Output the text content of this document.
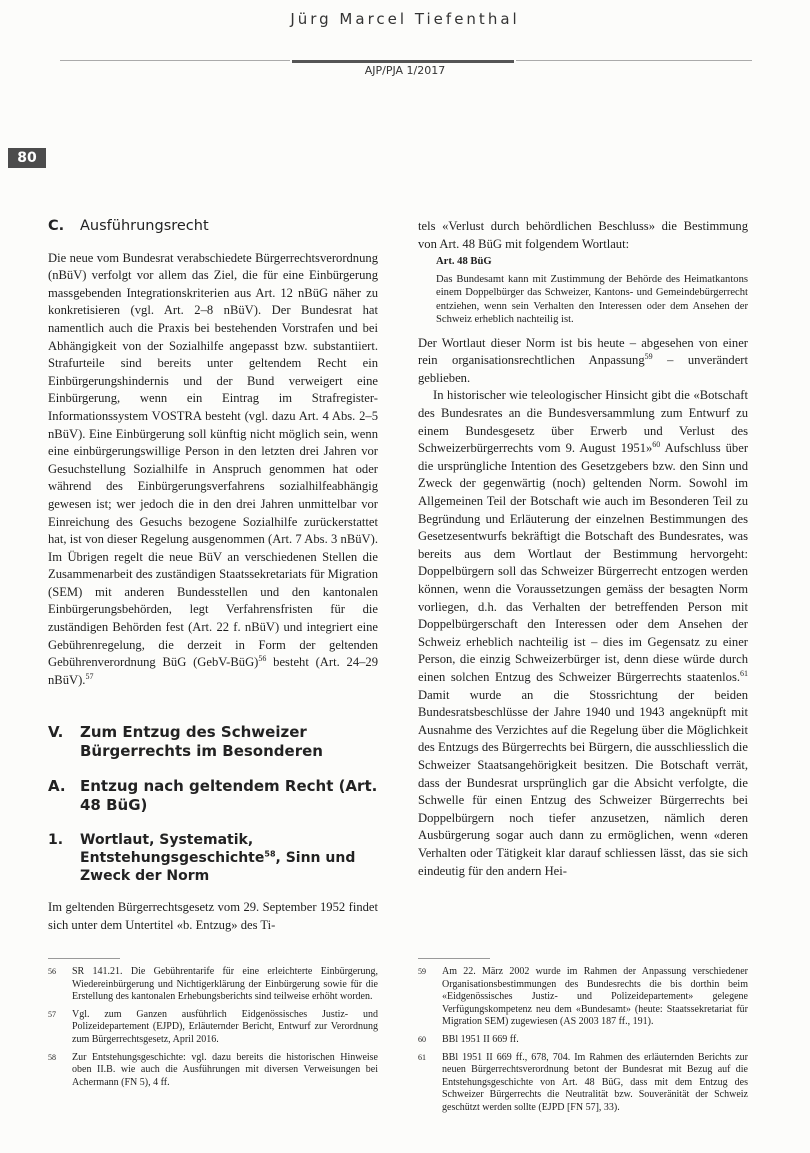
Jürg Marcel Tiefenthal
AJP/PJA 1/2017
80
C.	Ausführungsrecht

Die neue vom Bundesrat verabschiedete Bürgerrechtsverordnung (nBüV) verfolgt vor allem das Ziel, die für eine Einbürgerung massgebenden Integrationskriterien aus Art. 12 nBüG näher zu konkretisieren (vgl. Art. 2–8 nBüV). Der Bundesrat hat namentlich auch die Praxis bei bestehenden Vorstrafen und bei Abhängigkeit von der Sozialhilfe angepasst bzw. substantiiert. Strafurteile sind bereits unter geltendem Recht ein Einbürgerungshindernis und der Bund verweigert eine Einbürgerung, wenn ein Eintrag im Strafregister-Informationssystem VOSTRA besteht (vgl. dazu Art. 4 Abs. 2–5 nBüV). Eine Einbürgerung soll künftig nicht möglich sein, wenn eine einbürgerungswillige Person in den letzten drei Jahren vor Gesuchstellung Sozialhilfe in Anspruch genommen hat oder während des Einbürgerungsverfahrens sozialhilfeabhängig gewesen ist; wer jedoch die in den drei Jahren unmittelbar vor Einreichung des Gesuchs bezogene Sozialhilfe zurückerstattet hat, ist von dieser Regelung ausgenommen (Art. 7 Abs. 3 nBüV). Im Übrigen regelt die neue BüV an verschiedenen Stellen die Zusammenarbeit des zuständigen Staatssekretariats für Migration (SEM) mit anderen Bundesstellen und den kantonalen Einbürgerungsbehörden, legt Verfahrensfristen für die zuständigen Behörden fest (Art. 22 f. nBüV) und integriert eine Gebührenregelung, die derzeit in Form der geltenden Gebührenverordnung BüG (GebV-BüG)$^{56}$ besteht (Art. 24–29 nBüV).$^{57}$

V.	Zum Entzug des Schweizer Bürgerrechts im Besonderen
A. Entzug nach geltendem Recht (Art. 48 BüG)
1.	Wortlaut, Systematik, Entstehungsgeschichte$^{58}$, Sinn und Zweck der Norm

Im geltenden Bürgerrechtsgesetz vom 29. September 1952 findet sich unter dem Untertitel «b. Entzug» des Ti-

tels «Verlust durch behördlichen Beschluss» die Bestimmung von Art. 48 BüG mit folgendem Wortlaut:

Art. 48 BüG

Das Bundesamt kann mit Zustimmung der Behörde des Heimatkantons einem Doppelbürger das Schweizer, Kantons- und Gemeindebürgerrecht entziehen, wenn sein Verhalten den Interessen oder dem Ansehen der Schweiz erheblich nachteilig ist.

Der Wortlaut dieser Norm ist bis heute – abgesehen von einer rein organisationsrechtlichen Anpassung$^{59}$ – unverändert geblieben.

In historischer wie teleologischer Hinsicht gibt die «Botschaft des Bundesrates an die Bundesversammlung zum Entwurf zu einem Bundesgesetz über Erwerb und Verlust des Schweizerbürgerrechts vom 9. August 1951»$^{60}$ Aufschluss über die ursprüngliche Intention des Gesetzgebers bzw. den Sinn und Zweck der gegenwärtig (noch) geltenden Norm. Sowohl im Allgemeinen Teil der Botschaft wie auch im Besonderen Teil zu Begründung und Erläuterung der einzelnen Bestimmungen des Gesetzesentwurfs bekräftigt die Botschaft des Bundesrates, was bereits aus dem Wortlaut der Bestimmung hervorgeht: Doppelbürgern soll das Schweizer Bürgerrecht entzogen werden können, wenn die Voraussetzungen gemäss der besagten Norm vorliegen, d.h. das Verhalten der betreffenden Person mit Doppelbürgerschaft den Interessen oder dem Ansehen der Schweiz erheblich nachteilig ist – dies im Gegensatz zu einer Person, die einzig Schweizerbürger ist, denn diese würde durch einen solchen Entzug des Schweizer Bürgerrechts staatenlos.$^{61}$ Damit wurde an die Stossrichtung der beiden Bundesratsbeschlüsse der Jahre 1940 und 1943 angeknüpft mit Ausnahme des Verzichtes auf die Regelung über die Möglichkeit des Entzugs des Bürgerrechts bei Bürgern, die ausschliesslich die Schweizer Staatsangehörigkeit besitzen. Die Botschaft verrät, dass der Bundesrat ursprünglich gar die Absicht verfolgte, die Schwelle für einen Entzug des Schweizer Bürgerrechts bei Doppelbürgern noch tiefer anzusetzen, nämlich deren Ausbürgerung sogar auch dann zu ermöglichen, wenn «deren Verhalten oder Tätigkeit klar darauf schliessen lässt, das sie sich eindeutig für den andern Hei-

56	SR 141.21. Die Gebührentarife für eine erleichterte Einbürgerung, Wiedereinbürgerung und Nichtigerklärung der Einbürgerung sowie für die Erstellung des kantonalen Erhebungsberichts sind teilweise erhöht worden.
57	Vgl. zum Ganzen ausführlich Eidgenössisches Justiz- und Polizeidepartement (EJPD), Erläuternder Bericht, Entwurf zur Verordnung zum Bürgerrechtsgesetz, April 2016.
58	Zur Entstehungsgeschichte: vgl. dazu bereits die historischen Hinweise oben II.B. wie auch die Ausführungen mit diversen Verweisungen bei Achermann (FN 5), 4 ff.
59	Am 22. März 2002 wurde im Rahmen der Anpassung verschiedener Organisationsbestimmungen des Bundesrechts die bis dorthin beim «Eidgenössisches Justiz- und Polizeidepartement» gelegene Verfügungskompetenz neu dem «Bundesamt» (heute: Staatssekretariat für Migration SEM) zugewiesen (AS 2003 187 ff., 191).
60	BBl 1951 II 669 ff.
61	BBl 1951 II 669 ff., 678, 704. Im Rahmen des erläuternden Berichts zur neuen Bürgerrechtsverordnung betont der Bundesrat mit Bezug auf die Entstehungsgeschichte von Art. 48 BüG, dass mit dem Entzug des Schweizer Bürgerrechts die Neutralität bzw. Souveränität der Schweiz geschützt werden sollte (EJPD [FN 57], 33).
